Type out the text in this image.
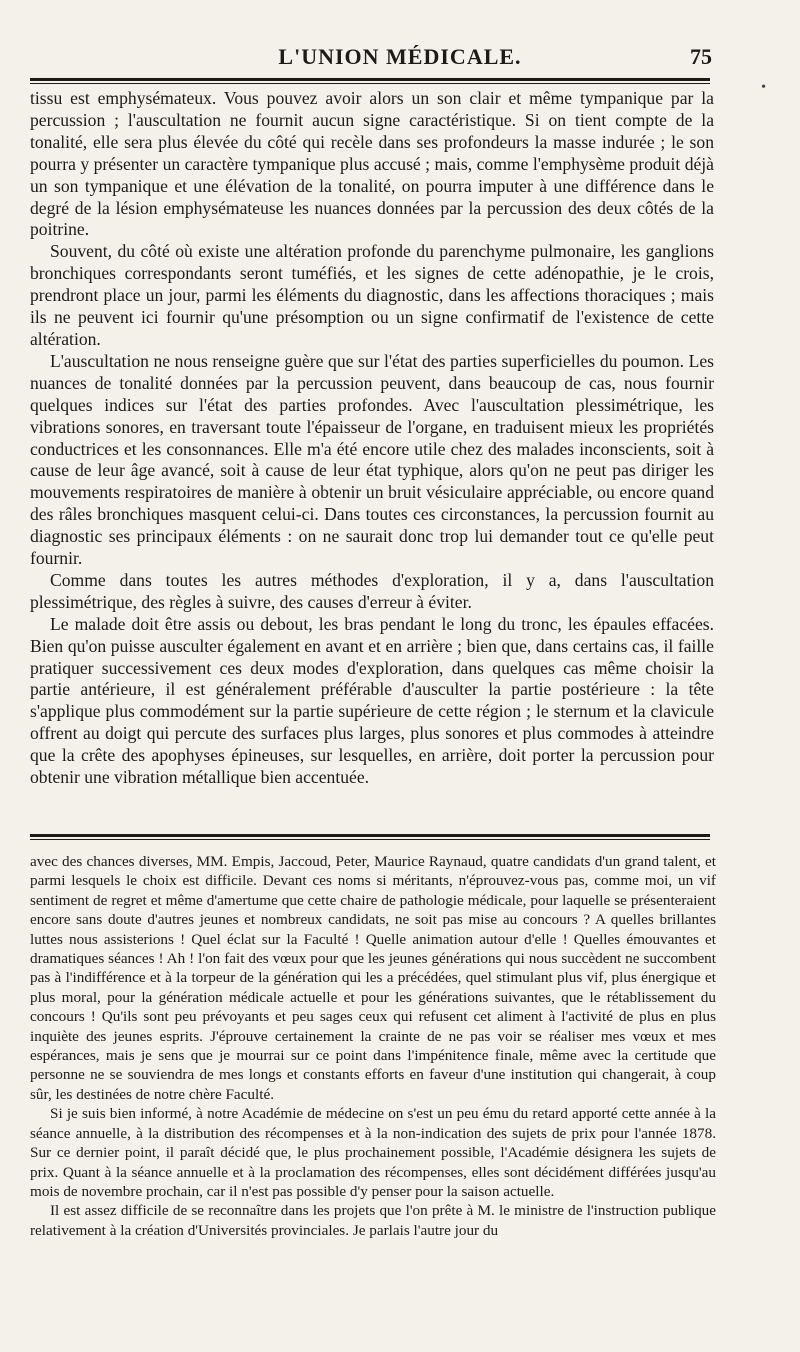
L'UNION MÉDICALE.	75
•

tissu est emphysémateux. Vous pouvez avoir alors un son clair et même tympanique par la percussion ; l'auscultation ne fournit aucun signe caractéristique. Si on tient compte de la tonalité, elle sera plus élevée du côté qui recèle dans ses profondeurs la masse indurée ; le son pourra y présenter un caractère tympanique plus accusé ; mais, comme l'emphysème produit déjà un son tympanique et une élévation de la tonalité, on pourra imputer à une différence dans le degré de la lésion emphysémateuse les nuances données par la percussion des deux côtés de la poitrine.

Souvent, du côté où existe une altération profonde du parenchyme pulmonaire, les ganglions bronchiques correspondants seront tuméfiés, et les signes de cette adénopathie, je le crois, prendront place un jour, parmi les éléments du diagnostic, dans les affections thoraciques ; mais ils ne peuvent ici fournir qu'une présomption ou un signe confirmatif de l'existence de cette altération.

L'auscultation ne nous renseigne guère que sur l'état des parties superficielles du poumon. Les nuances de tonalité données par la percussion peuvent, dans beaucoup de cas, nous fournir quelques indices sur l'état des parties profondes. Avec l'auscultation plessimétrique, les vibrations sonores, en traversant toute l'épaisseur de l'organe, en traduisent mieux les propriétés conductrices et les consonnances. Elle m'a été encore utile chez des malades inconscients, soit à cause de leur âge avancé, soit à cause de leur état typhique, alors qu'on ne peut pas diriger les mouvements respiratoires de manière à obtenir un bruit vésiculaire appréciable, ou encore quand des râles bronchiques masquent celui-ci. Dans toutes ces circonstances, la percussion fournit au diagnostic ses principaux éléments : on ne saurait donc trop lui demander tout ce qu'elle peut fournir.

Comme dans toutes les autres méthodes d'exploration, il y a, dans l'auscultation plessimétrique, des règles à suivre, des causes d'erreur à éviter.

Le malade doit être assis ou debout, les bras pendant le long du tronc, les épaules effacées. Bien qu'on puisse ausculter également en avant et en arrière ; bien que, dans certains cas, il faille pratiquer successivement ces deux modes d'exploration, dans quelques cas même choisir la partie antérieure, il est généralement préférable d'ausculter la partie postérieure : la tête s'applique plus commodément sur la partie supérieure de cette région ; le sternum et la clavicule offrent au doigt qui percute des surfaces plus larges, plus sonores et plus commodes à atteindre que la crête des apophyses épineuses, sur lesquelles, en arrière, doit porter la percussion pour obtenir une vibration métallique bien accentuée.

avec des chances diverses, MM. Empis, Jaccoud, Peter, Maurice Raynaud, quatre candidats d'un grand talent, et parmi lesquels le choix est difficile. Devant ces noms si méritants, n'éprouvez-vous pas, comme moi, un vif sentiment de regret et même d'amertume que cette chaire de pathologie médicale, pour laquelle se présenteraient encore sans doute d'autres jeunes et nombreux candidats, ne soit pas mise au concours ? A quelles brillantes luttes nous assisterions ! Quel éclat sur la Faculté ! Quelle animation autour d'elle ! Quelles émouvantes et dramatiques séances ! Ah ! l'on fait des vœux pour que les jeunes générations qui nous succèdent ne succombent pas à l'indifférence et à la torpeur de la génération qui les a précédées, quel stimulant plus vif, plus énergique et plus moral, pour la génération médicale actuelle et pour les générations suivantes, que le rétablissement du concours ! Qu'ils sont peu prévoyants et peu sages ceux qui refusent cet aliment à l'activité de plus en plus inquiète des jeunes esprits. J'éprouve certainement la crainte de ne pas voir se réaliser mes vœux et mes espérances, mais je sens que je mourrai sur ce point dans l'impénitence finale, même avec la certitude que personne ne se souviendra de mes longs et constants efforts en faveur d'une institution qui changerait, à coup sûr, les destinées de notre chère Faculté.

Si je suis bien informé, à notre Académie de médecine on s'est un peu ému du retard apporté cette année à la séance annuelle, à la distribution des récompenses et à la non-indication des sujets de prix pour l'année 1878. Sur ce dernier point, il paraît décidé que, le plus prochainement possible, l'Académie désignera les sujets de prix. Quant à la séance annuelle et à la proclamation des récompenses, elles sont décidément différées jusqu'au mois de novembre prochain, car il n'est pas possible d'y penser pour la saison actuelle.

Il est assez difficile de se reconnaître dans les projets que l'on prête à M. le ministre de l'instruction publique relativement à la création d'Universités provinciales. Je parlais l'autre jour du
